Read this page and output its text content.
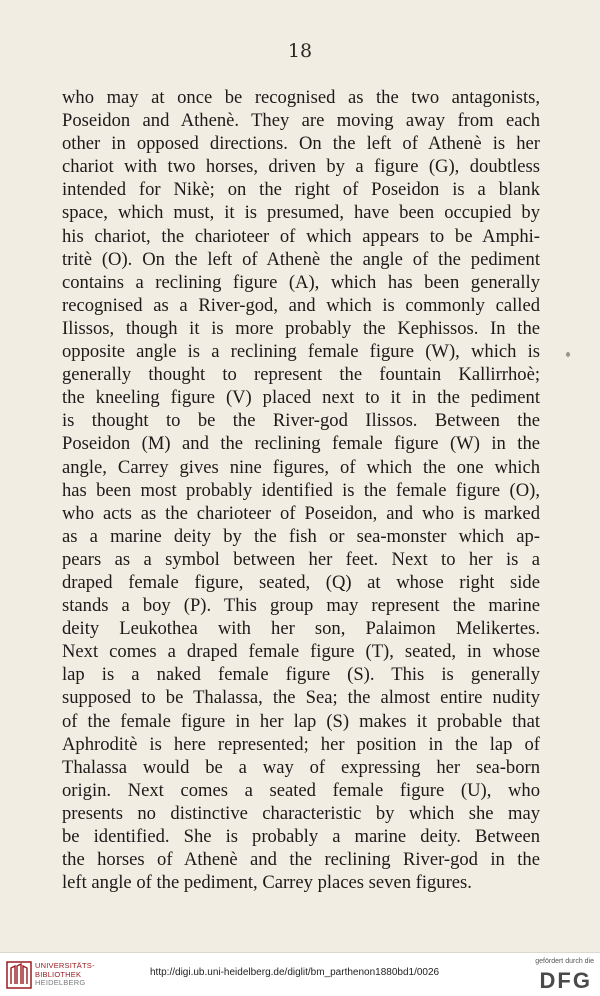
18
who may at once be recognised as the two antagonists,
Poseidon and Athenè. They are moving away from each
other in opposed directions. On the left of Athenè is her
chariot with two horses, driven by a figure (G), doubtless
intended for Nikè; on the right of Poseidon is a blank
space, which must, it is presumed, have been occupied by
his chariot, the charioteer of which appears to be Amphi-
tritè (O). On the left of Athenè the angle of the pediment
contains a reclining figure (A), which has been generally
recognised as a River-god, and which is commonly called
Ilissos, though it is more probably the Kephissos. In the
opposite angle is a reclining female figure (W), which is
generally thought to represent the fountain Kallirrhoè;
the kneeling figure (V) placed next to it in the pediment
is thought to be the River-god Ilissos. Between the
Poseidon (M) and the reclining female figure (W) in the
angle, Carrey gives nine figures, of which the one which
has been most probably identified is the female figure (O),
who acts as the charioteer of Poseidon, and who is marked
as a marine deity by the fish or sea-monster which ap-
pears as a symbol between her feet. Next to her is a
draped female figure, seated, (Q) at whose right side
stands a boy (P). This group may represent the marine
deity Leukothea with her son, Palaimon Melikertes.
Next comes a draped female figure (T), seated, in whose
lap is a naked female figure (S). This is generally
supposed to be Thalassa, the Sea; the almost entire nudity
of the female figure in her lap (S) makes it probable that
Aphroditè is here represented; her position in the lap of
Thalassa would be a way of expressing her sea-born
origin. Next comes a seated female figure (U), who
presents no distinctive characteristic by which she may
be identified. She is probably a marine deity. Between
the horses of Athenè and the reclining River-god in the
left angle of the pediment, Carrey places seven figures.
UNIVERSITÄTS-
BIBLIOTHEK
HEIDELBERG
http://digi.ub.uni-heidelberg.de/diglit/bm_parthenon1880bd1/0026
gefördert durch die
DFG
